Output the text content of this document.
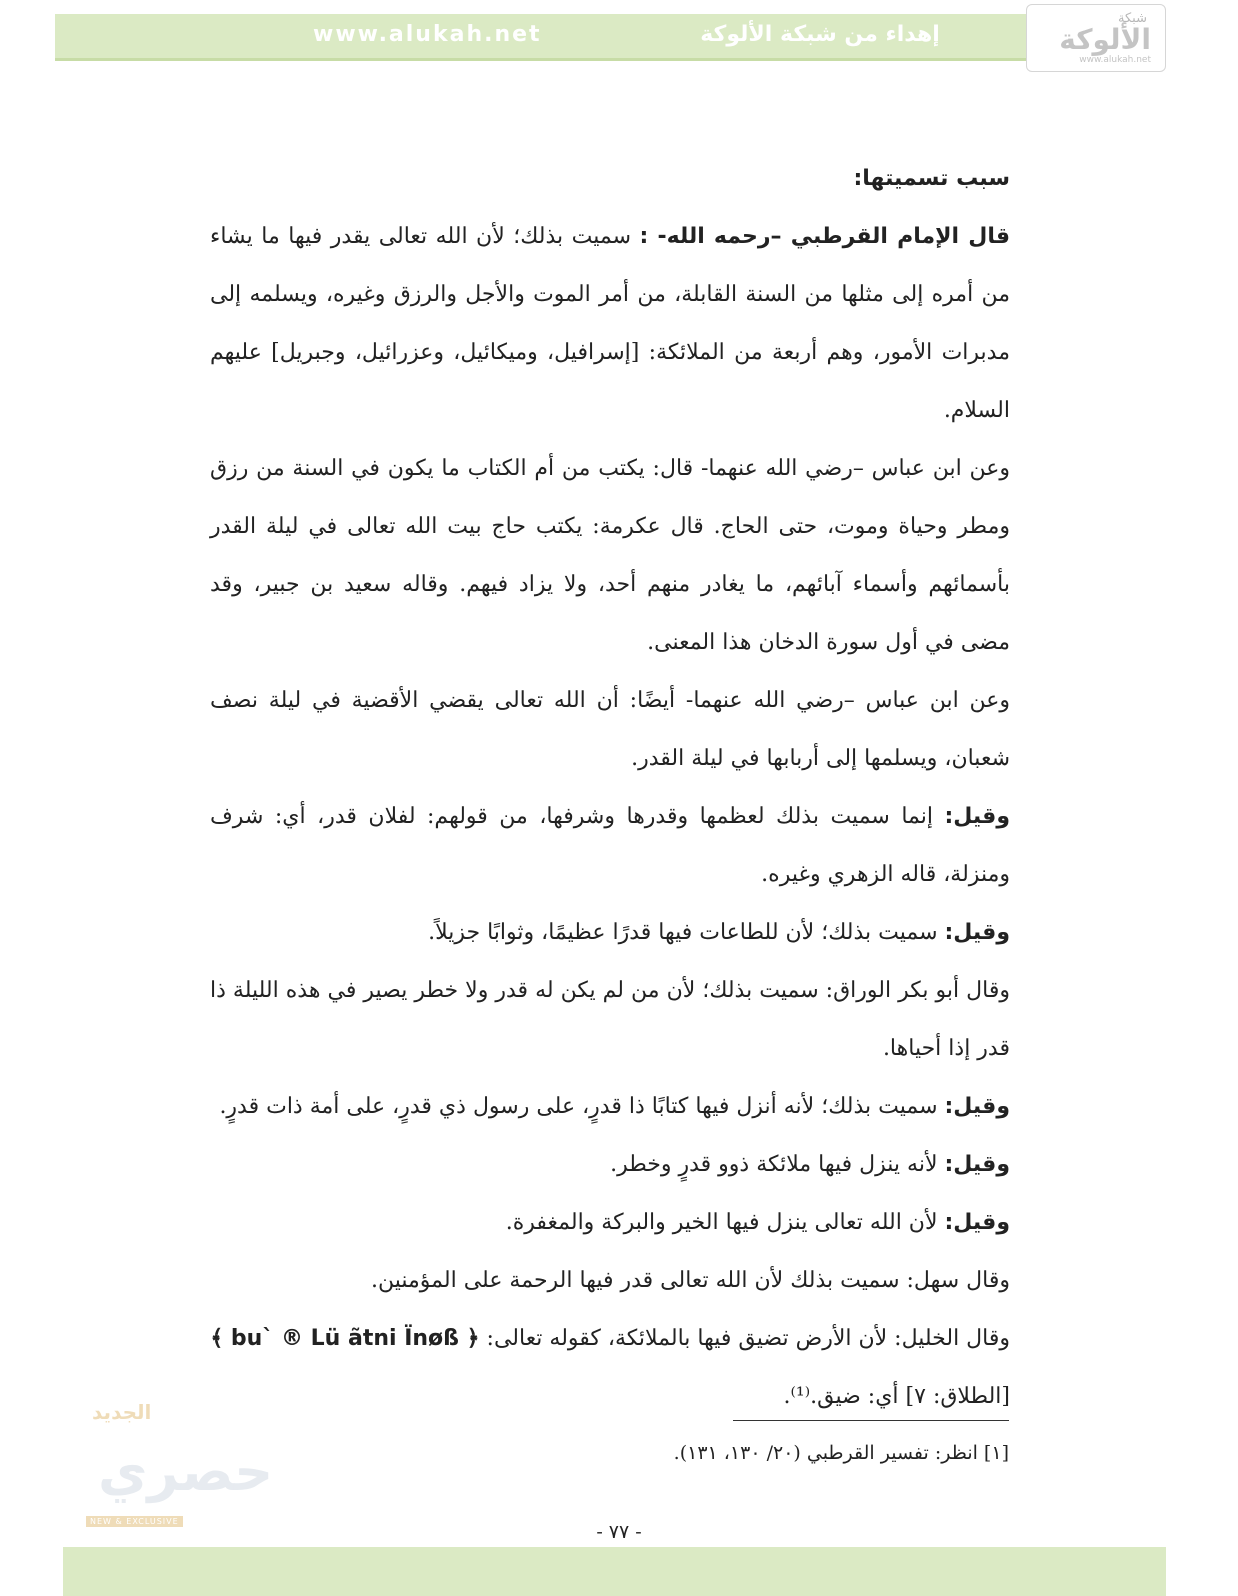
www.alukah.net	إهداء من شبكة الألوكة
شبكة
الألوكة
www.alukah.net

سبب تسميتها:

قال الإمام القرطبي –رحمه الله- : سميت بذلك؛ لأن الله تعالى يقدر فيها ما يشاء من أمره إلى مثلها من السنة القابلة، من أمر الموت والأجل والرزق وغيره، ويسلمه إلى مدبرات الأمور، وهم أربعة من الملائكة: [إسرافيل، وميكائيل، وعزرائيل، وجبريل] عليهم السلام.

وعن ابن عباس –رضي الله عنهما- قال: يكتب من أم الكتاب ما يكون في السنة من رزق ومطر وحياة وموت، حتى الحاج. قال عكرمة: يكتب حاج بيت الله تعالى في ليلة القدر بأسمائهم وأسماء آبائهم، ما يغادر منهم أحد، ولا يزاد فيهم. وقاله سعيد بن جبير، وقد مضى في أول سورة الدخان هذا المعنى.

وعن ابن عباس –رضي الله عنهما- أيضًا: أن الله تعالى يقضي الأقضية في ليلة نصف شعبان، ويسلمها إلى أربابها في ليلة القدر.

وقيل: إنما سميت بذلك لعظمها وقدرها وشرفها، من قولهم: لفلان قدر، أي: شرف ومنزلة، قاله الزهري وغيره.

وقيل: سميت بذلك؛ لأن للطاعات فيها قدرًا عظيمًا، وثوابًا جزيلاً.

وقال أبو بكر الوراق: سميت بذلك؛ لأن من لم يكن له قدر ولا خطر يصير في هذه الليلة ذا قدر إذا أحياها.

وقيل: سميت بذلك؛ لأنه أنزل فيها كتابًا ذا قدرٍ، على رسول ذي قدرٍ، على أمة ذات قدرٍ.

وقيل: لأنه ينزل فيها ملائكة ذوو قدرٍ وخطر.

وقيل: لأن الله تعالى ينزل فيها الخير والبركة والمغفرة.

وقال سهل: سميت بذلك لأن الله تعالى قدر فيها الرحمة على المؤمنين.

وقال الخليل: لأن الأرض تضيق فيها بالملائكة، كقوله تعالى: ﴿ bu` ® Lü ãtni Ïnøß ﴾

[الطلاق: ٧] أي: ضيق.⁽¹⁾.

[١] انظر: تفسير القرطبي (٢٠/ ١٣٠، ١٣١).
- ٧٧ -
الجديد
حصري
NEW & EXCLUSIVE
